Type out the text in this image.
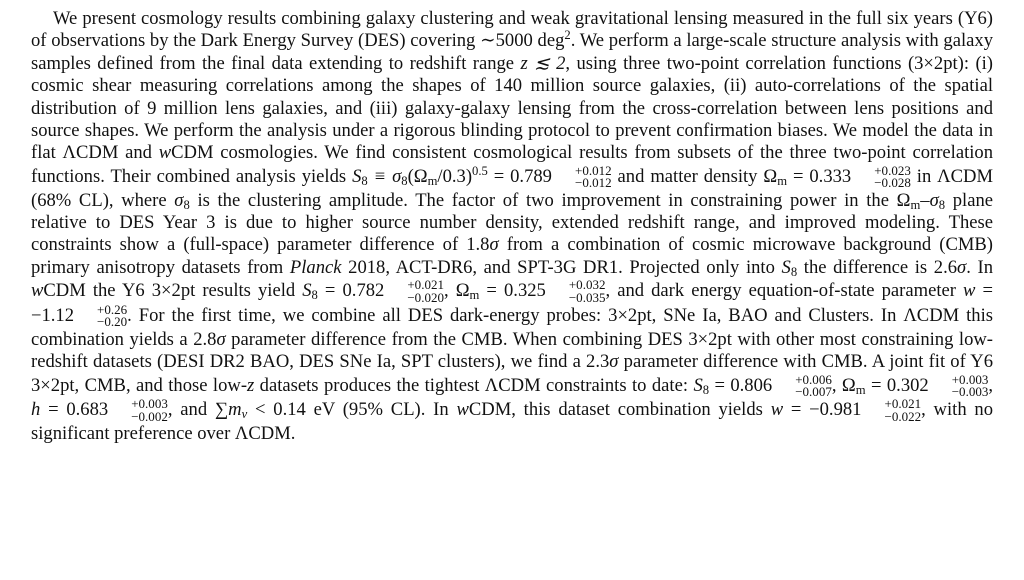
We present cosmology results combining galaxy clustering and weak gravitational lensing measured in the full six years (Y6) of observations by the Dark Energy Survey (DES) covering ∼5000 deg$^2$. We perform a large-scale structure analysis with galaxy samples defined from the final data extending to redshift range z ≲ 2, using three two-point correlation functions (3×2pt): (i) cosmic shear measuring correlations among the shapes of 140 million source galaxies, (ii) auto-correlations of the spatial distribution of 9 million lens galaxies, and (iii) galaxy-galaxy lensing from the cross-correlation between lens positions and source shapes. We perform the analysis under a rigorous blinding protocol to prevent confirmation biases. We model the data in flat ΛCDM and wCDM cosmologies. We find consistent cosmological results from subsets of the three two-point correlation functions. Their combined analysis yields $S_8 \equiv \sigma_8(\Omega_m/0.3)^{0.5} = 0.789$	+0.012
−0.012 and matter density $\Omega_m = 0.333$	+0.023
−0.028 in ΛCDM (68% CL), where $\sigma_8$ is the clustering amplitude. The factor of two improvement in constraining power in the $\Omega_m-\sigma_8$ plane relative to DES Year 3 is due to higher source number density, extended redshift range, and improved modeling. These constraints show a (full-space) parameter difference of 1.8σ from a combination of cosmic microwave background (CMB) primary anisotropy datasets from Planck 2018, ACT-DR6, and SPT-3G DR1. Projected only into $S_8$ the difference is 2.6σ. In wCDM the Y6 3×2pt results yield $S_8 = 0.782$	+0.021
−0.020 , $\Omega_m = 0.325$	+0.032
−0.035 , and dark energy equation-of-state parameter w = −1.12	+0.26
−0.20 . For the first time, we combine all DES dark-energy probes: 3×2pt, SNe Ia, BAO and Clusters. In ΛCDM this combination yields a 2.8σ parameter difference from the CMB. When combining DES 3×2pt with other most constraining low-redshift datasets (DESI DR2 BAO, DES SNe Ia, SPT clusters), we find a 2.3σ parameter difference with CMB. A joint fit of Y6 3×2pt, CMB, and those low-z datasets produces the tightest ΛCDM constraints to date: $S_8 = 0.806$	+0.006
−0.007 , $\Omega_m = 0.302$	+0.003
−0.003 , h = 0.683	+0.003
−0.002 , and $\sum m_\nu < 0.14$ eV (95% CL). In wCDM, this dataset combination yields w = −0.981	+0.021
−0.022 , with no significant preference over ΛCDM.
